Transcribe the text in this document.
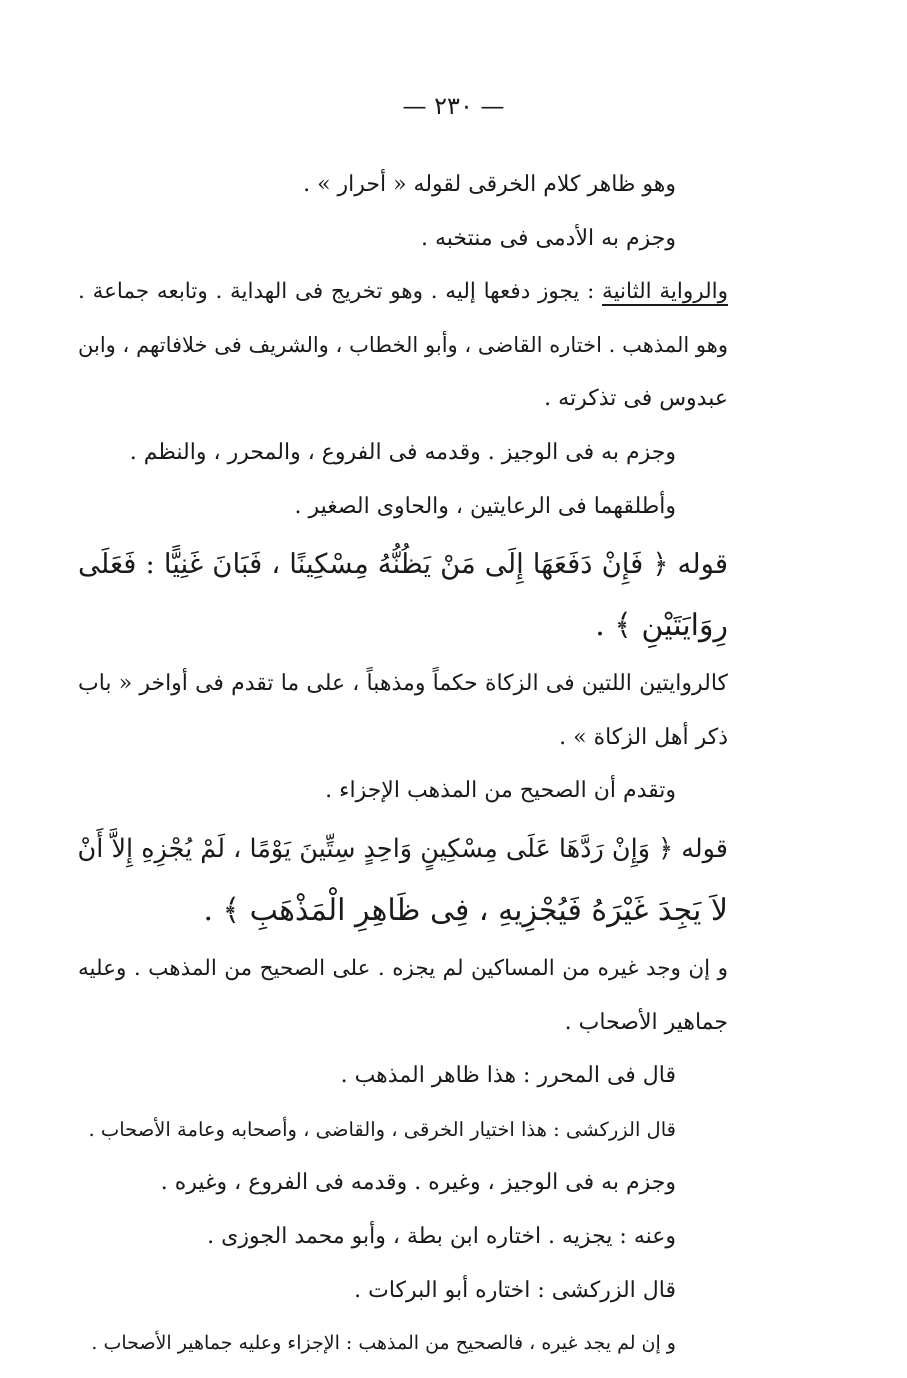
— ٢٣٠ —
وهو ظاهر كلام الخرقى لقوله « أحرار » .
وجزم به الأدمى فى منتخبه .
والرواية الثانية : يجوز دفعها إليه . وهو تخريج فى الهداية . وتابعه جماعة .
وهو المذهب . اختاره القاضى ، وأبو الخطاب ، والشريف فى خلافاتهم ، وابن
عبدوس فى تذكرته .
وجزم به فى الوجيز . وقدمه فى الفروع ، والمحرر ، والنظم .
وأطلقهما فى الرعايتين ، والحاوى الصغير .
قوله ﴿ فَإِنْ دَفَعَهَا إِلَى مَنْ يَظُنُّهُ مِسْكِينًا ، فَبَانَ غَنِيًّا : فَعَلَى
رِوَايَتَيْنِ ﴾ .
كالروايتين اللتين فى الزكاة حكماً ومذهباً ، على ما تقدم فى أواخر « باب
ذكر أهل الزكاة » .
وتقدم أن الصحيح من المذهب الإجزاء .
قوله ﴿ وَإِنْ رَدَّهَا عَلَى مِسْكِينٍ وَاحِدٍ سِتِّينَ يَوْمًا ، لَمْ يُجْزِهِ إِلاَّ أَنْ
لاَ يَجِدَ غَيْرَهُ فَيُجْزِيهِ ، فِى ظَاهِرِ الْمَذْهَبِ ﴾ .
و إن وجد غيره من المساكين لم يجزه . على الصحيح من المذهب . وعليه
جماهير الأصحاب .
قال فى المحرر : هذا ظاهر المذهب .
قال الزركشى : هذا اختيار الخرقى ، والقاضى ، وأصحابه وعامة الأصحاب .
وجزم به فى الوجيز ، وغيره . وقدمه فى الفروع ، وغيره .
وعنه : يجزيه . اختاره ابن بطة ، وأبو محمد الجوزى .
قال الزركشى : اختاره أبو البركات .
و إن لم يجد غيره ، فالصحيح من المذهب : الإجزاء وعليه جماهير الأصحاب .
